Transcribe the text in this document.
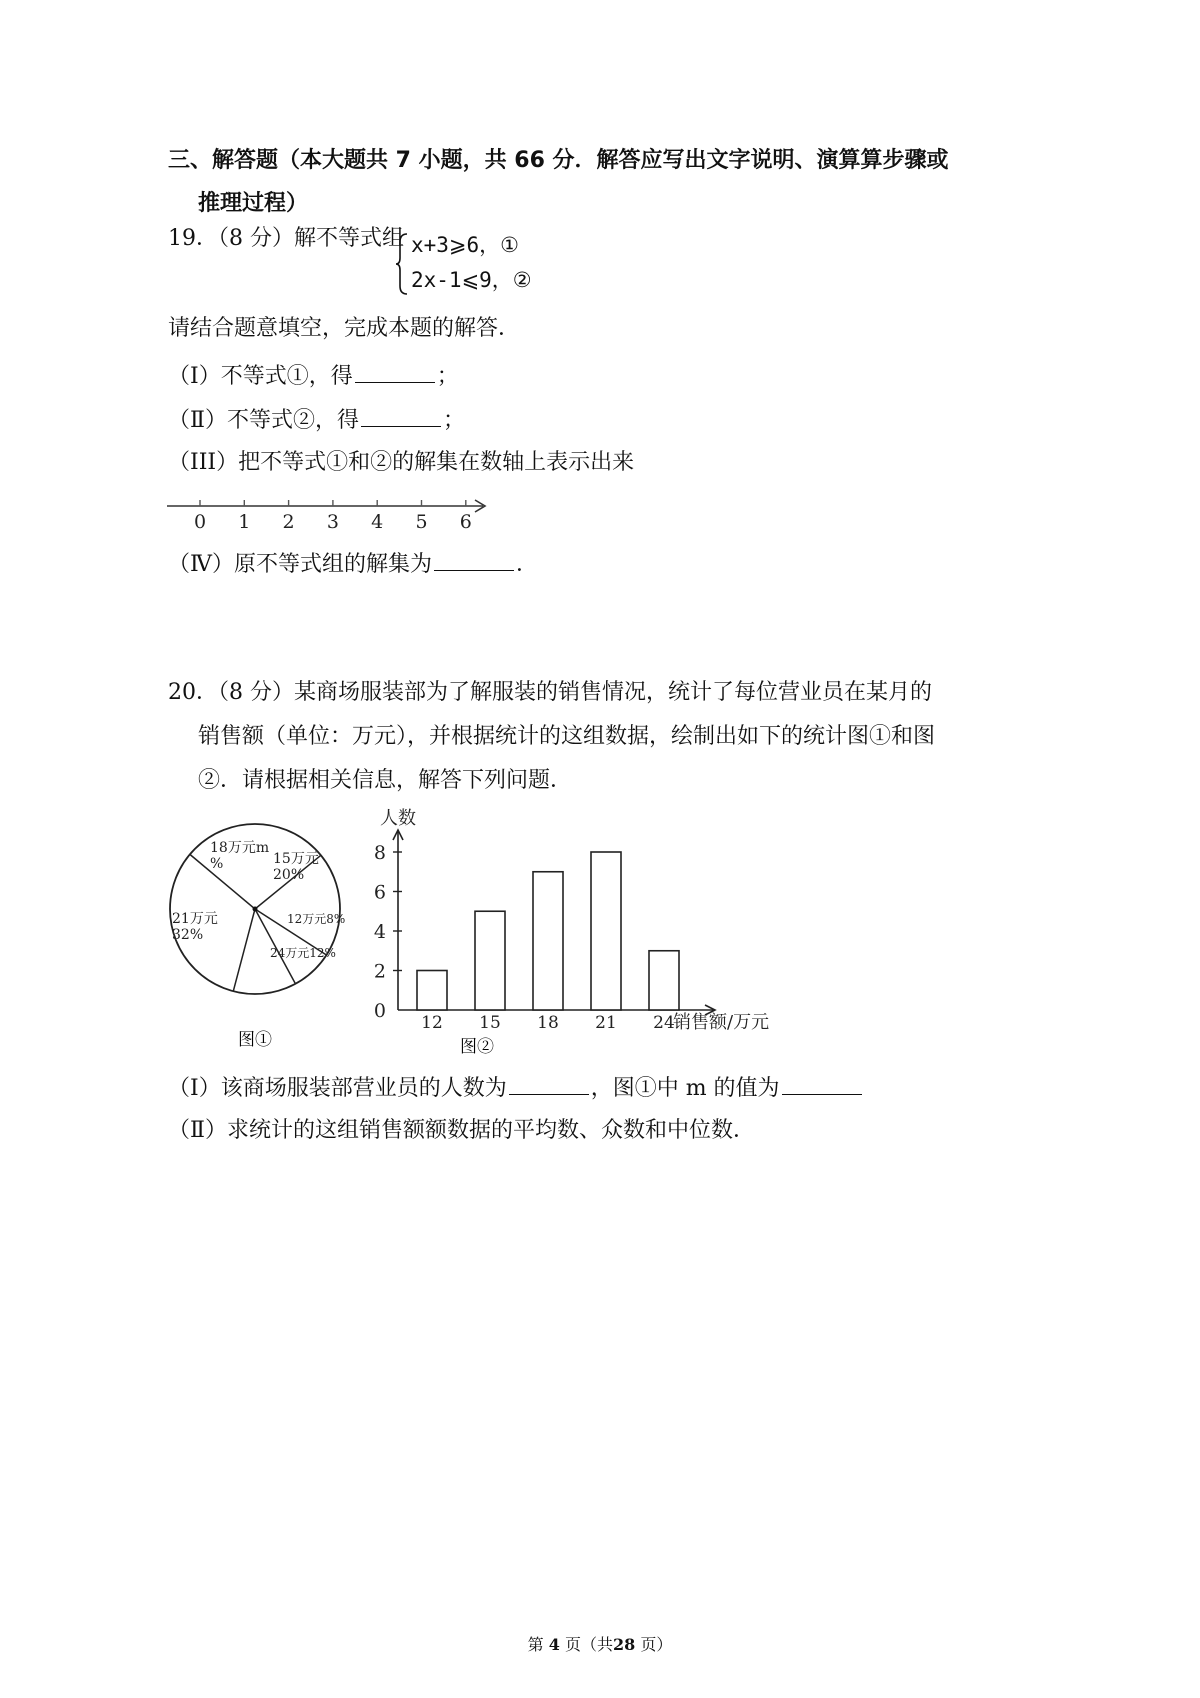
三、解答题（本大题共 7 小题，共 66 分．解答应写出文字说明、演算算步骤或
推理过程）
19．（8 分）解不等式组 x+3⩾6，①
2x-1⩽9，②
请结合题意填空，完成本题的解答．
（Ⅰ）不等式①，得	；
（Ⅱ）不等式②，得	；
（III）把不等式①和②的解集在数轴上表示出来
0 1 2 3 4 5 6
（Ⅳ）原不等式组的解集为	．
20．（8 分）某商场服装部为了解服装的销售情况，统计了每位营业员在某月的
销售额（单位：万元），并根据统计的这组数据，绘制出如下的统计图①和图
②．请根据相关信息，解答下列问题．
18万元m
%	15万元
20%
12万元8%
24万元12%
21万元
32%
图①
人数
销售额/万元
0
2
4
6
8
12 15 18 21 24
图②
（Ⅰ）该商场服装部营业员的人数为	，图①中 m 的值为
（Ⅱ）求统计的这组销售额额数据的平均数、众数和中位数．
第 4 页（共28 页）
